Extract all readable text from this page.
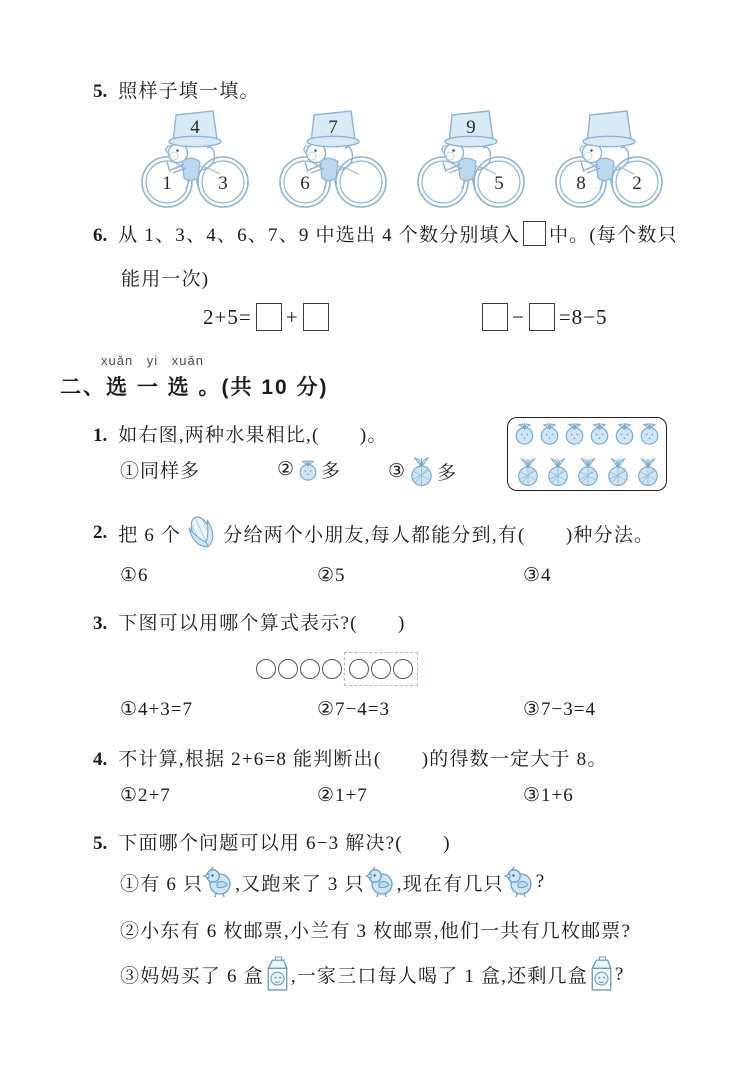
5. 照样子填一填。
4
1 3
7
6
9
5	8 2
6. 从 1、3、4、6、7、9 中选出 4 个数分别填入 中。(每个数只
能用一次)
2+5= +	− =8−5
xuǎn yi xuǎn
二、选 一 选 。(共 10 分)
1. 如右图,两种水果相比,(　　)。
①同样多	② 多 ③ 多
2. 把 6 个 分给两个小朋友,每人都能分到,有(　　)种分法。
①6	②5	③4
3. 下图可以用哪个算式表示?(　　)
①4+3=7	②7−4=3	③7−3=4
4. 不计算,根据 2+6=8 能判断出(　　)的得数一定大于 8。
①2+7	②1+7	③1+6
5. 下面哪个问题可以用 6−3 解决?(　　)
①有 6 只 ,又跑来了 3 只 ,现在有几只 ?
②小东有 6 枚邮票,小兰有 3 枚邮票,他们一共有几枚邮票?
③妈妈买了 6 盒 ,一家三口每人喝了 1 盒,还剩几盒 ?
